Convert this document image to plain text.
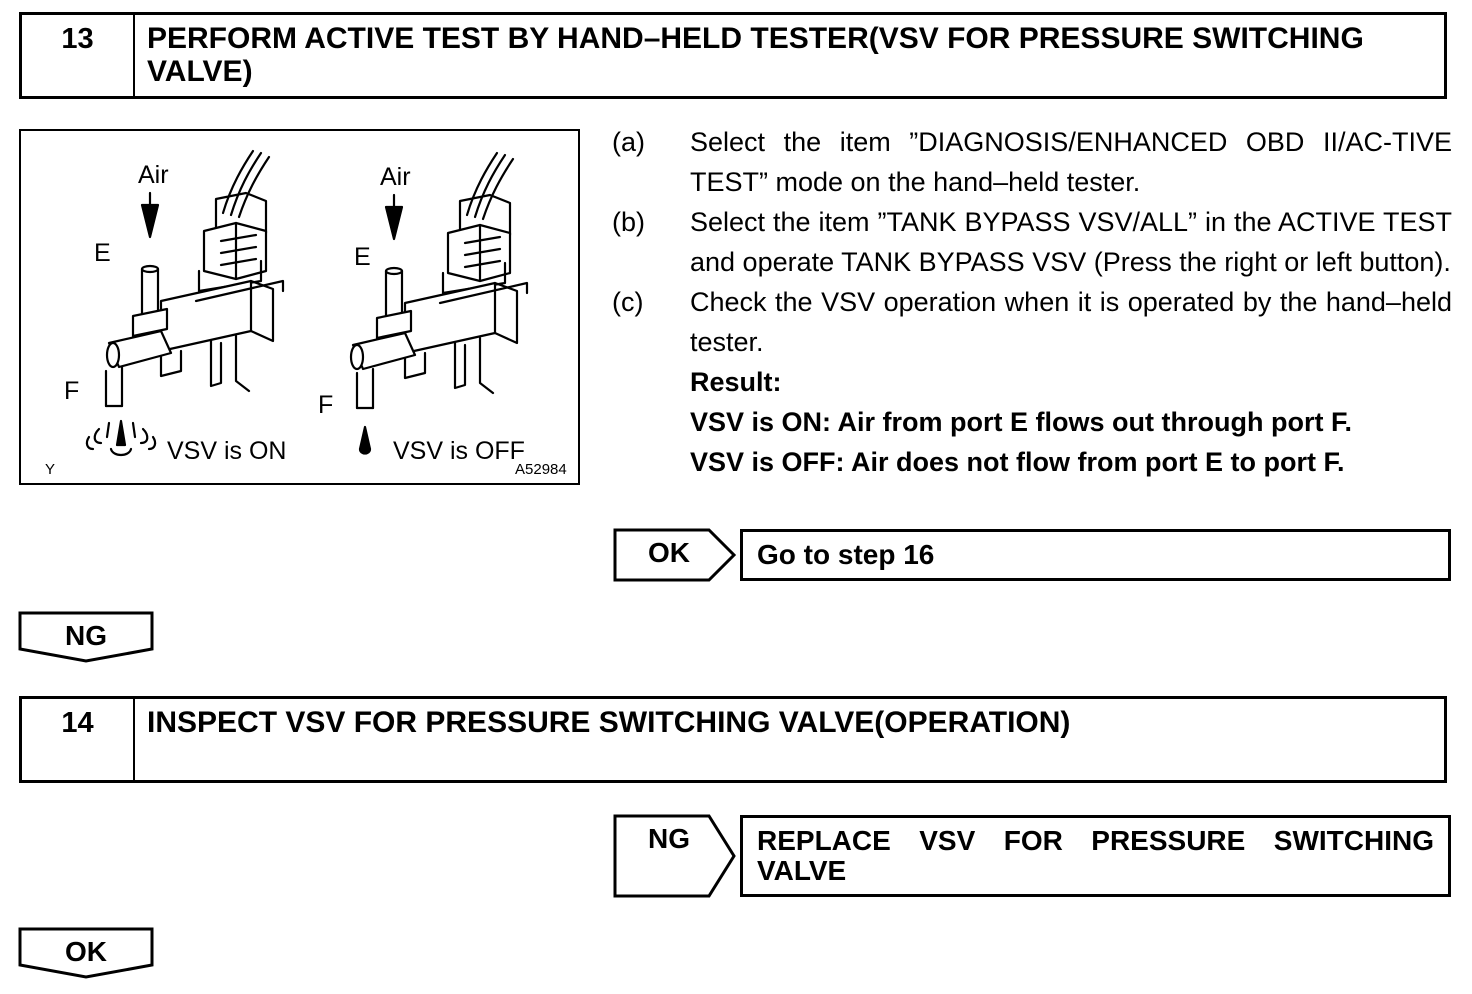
13	PERFORM ACTIVE TEST BY HAND–HELD TESTER(VSV FOR PRESSURE SWITCHING VALVE)
Air
E
F
VSV is ON
Air
E
F
VSV is OFF
Y	A52984
(a) Select the item ”DIAGNOSIS/ENHANCED OBD II/AC-TIVE TEST” mode on the hand–held tester.
(b) Select the item ”TANK BYPASS VSV/ALL” in the ACTIVE TEST and operate TANK BYPASS VSV (Press the right or left button).
(c) Check the VSV operation when it is operated by the hand–held tester.
Result:
VSV is ON: Air from port E flows out through port F.
VSV is OFF: Air does not flow from port E to port F.
OK	Go to step 16
NG
14	INSPECT VSV FOR PRESSURE SWITCHING VALVE(OPERATION)
NG	REPLACE VSV FOR PRESSURE SWITCHING VALVE
OK
